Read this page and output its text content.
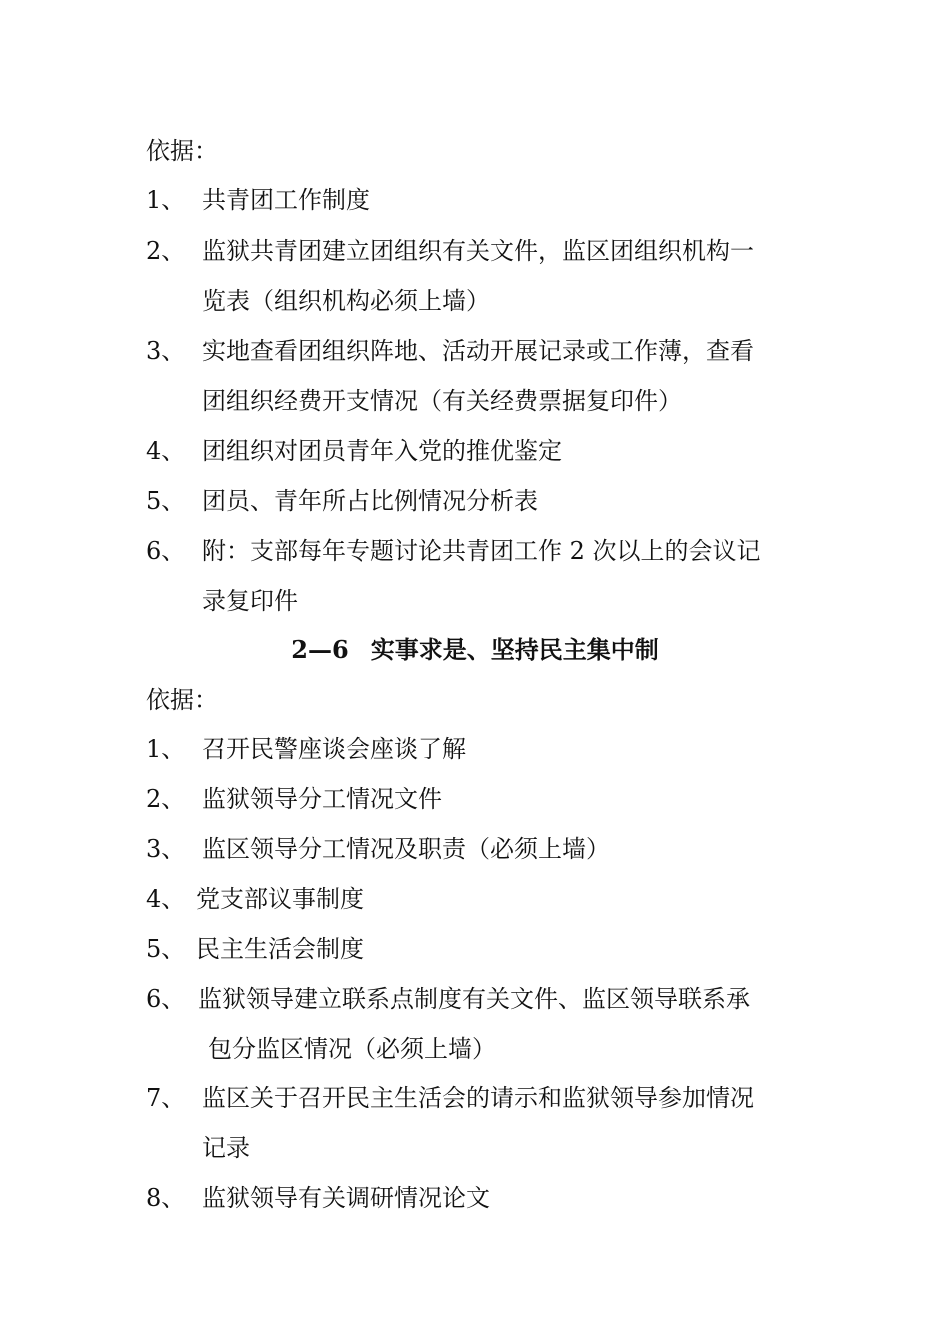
依据：
1、 共青团工作制度
2、 监狱共青团建立团组织有关文件，监区团组织机构一
览表（组织机构必须上墙）
3、 实地查看团组织阵地、活动开展记录或工作薄，查看
团组织经费开支情况（有关经费票据复印件）
4、 团组织对团员青年入党的推优鉴定
5、 团员、青年所占比例情况分析表
6、 附：支部每年专题讨论共青团工作 2 次以上的会议记
录复印件
2—6 实事求是、坚持民主集中制
依据：
1、 召开民警座谈会座谈了解
2、 监狱领导分工情况文件
3、 监区领导分工情况及职责（必须上墙）
4、 党支部议事制度
5、 民主生活会制度
6、 监狱领导建立联系点制度有关文件、监区领导联系承
包分监区情况（必须上墙）
7、 监区关于召开民主生活会的请示和监狱领导参加情况
记录
8、 监狱领导有关调研情况论文
